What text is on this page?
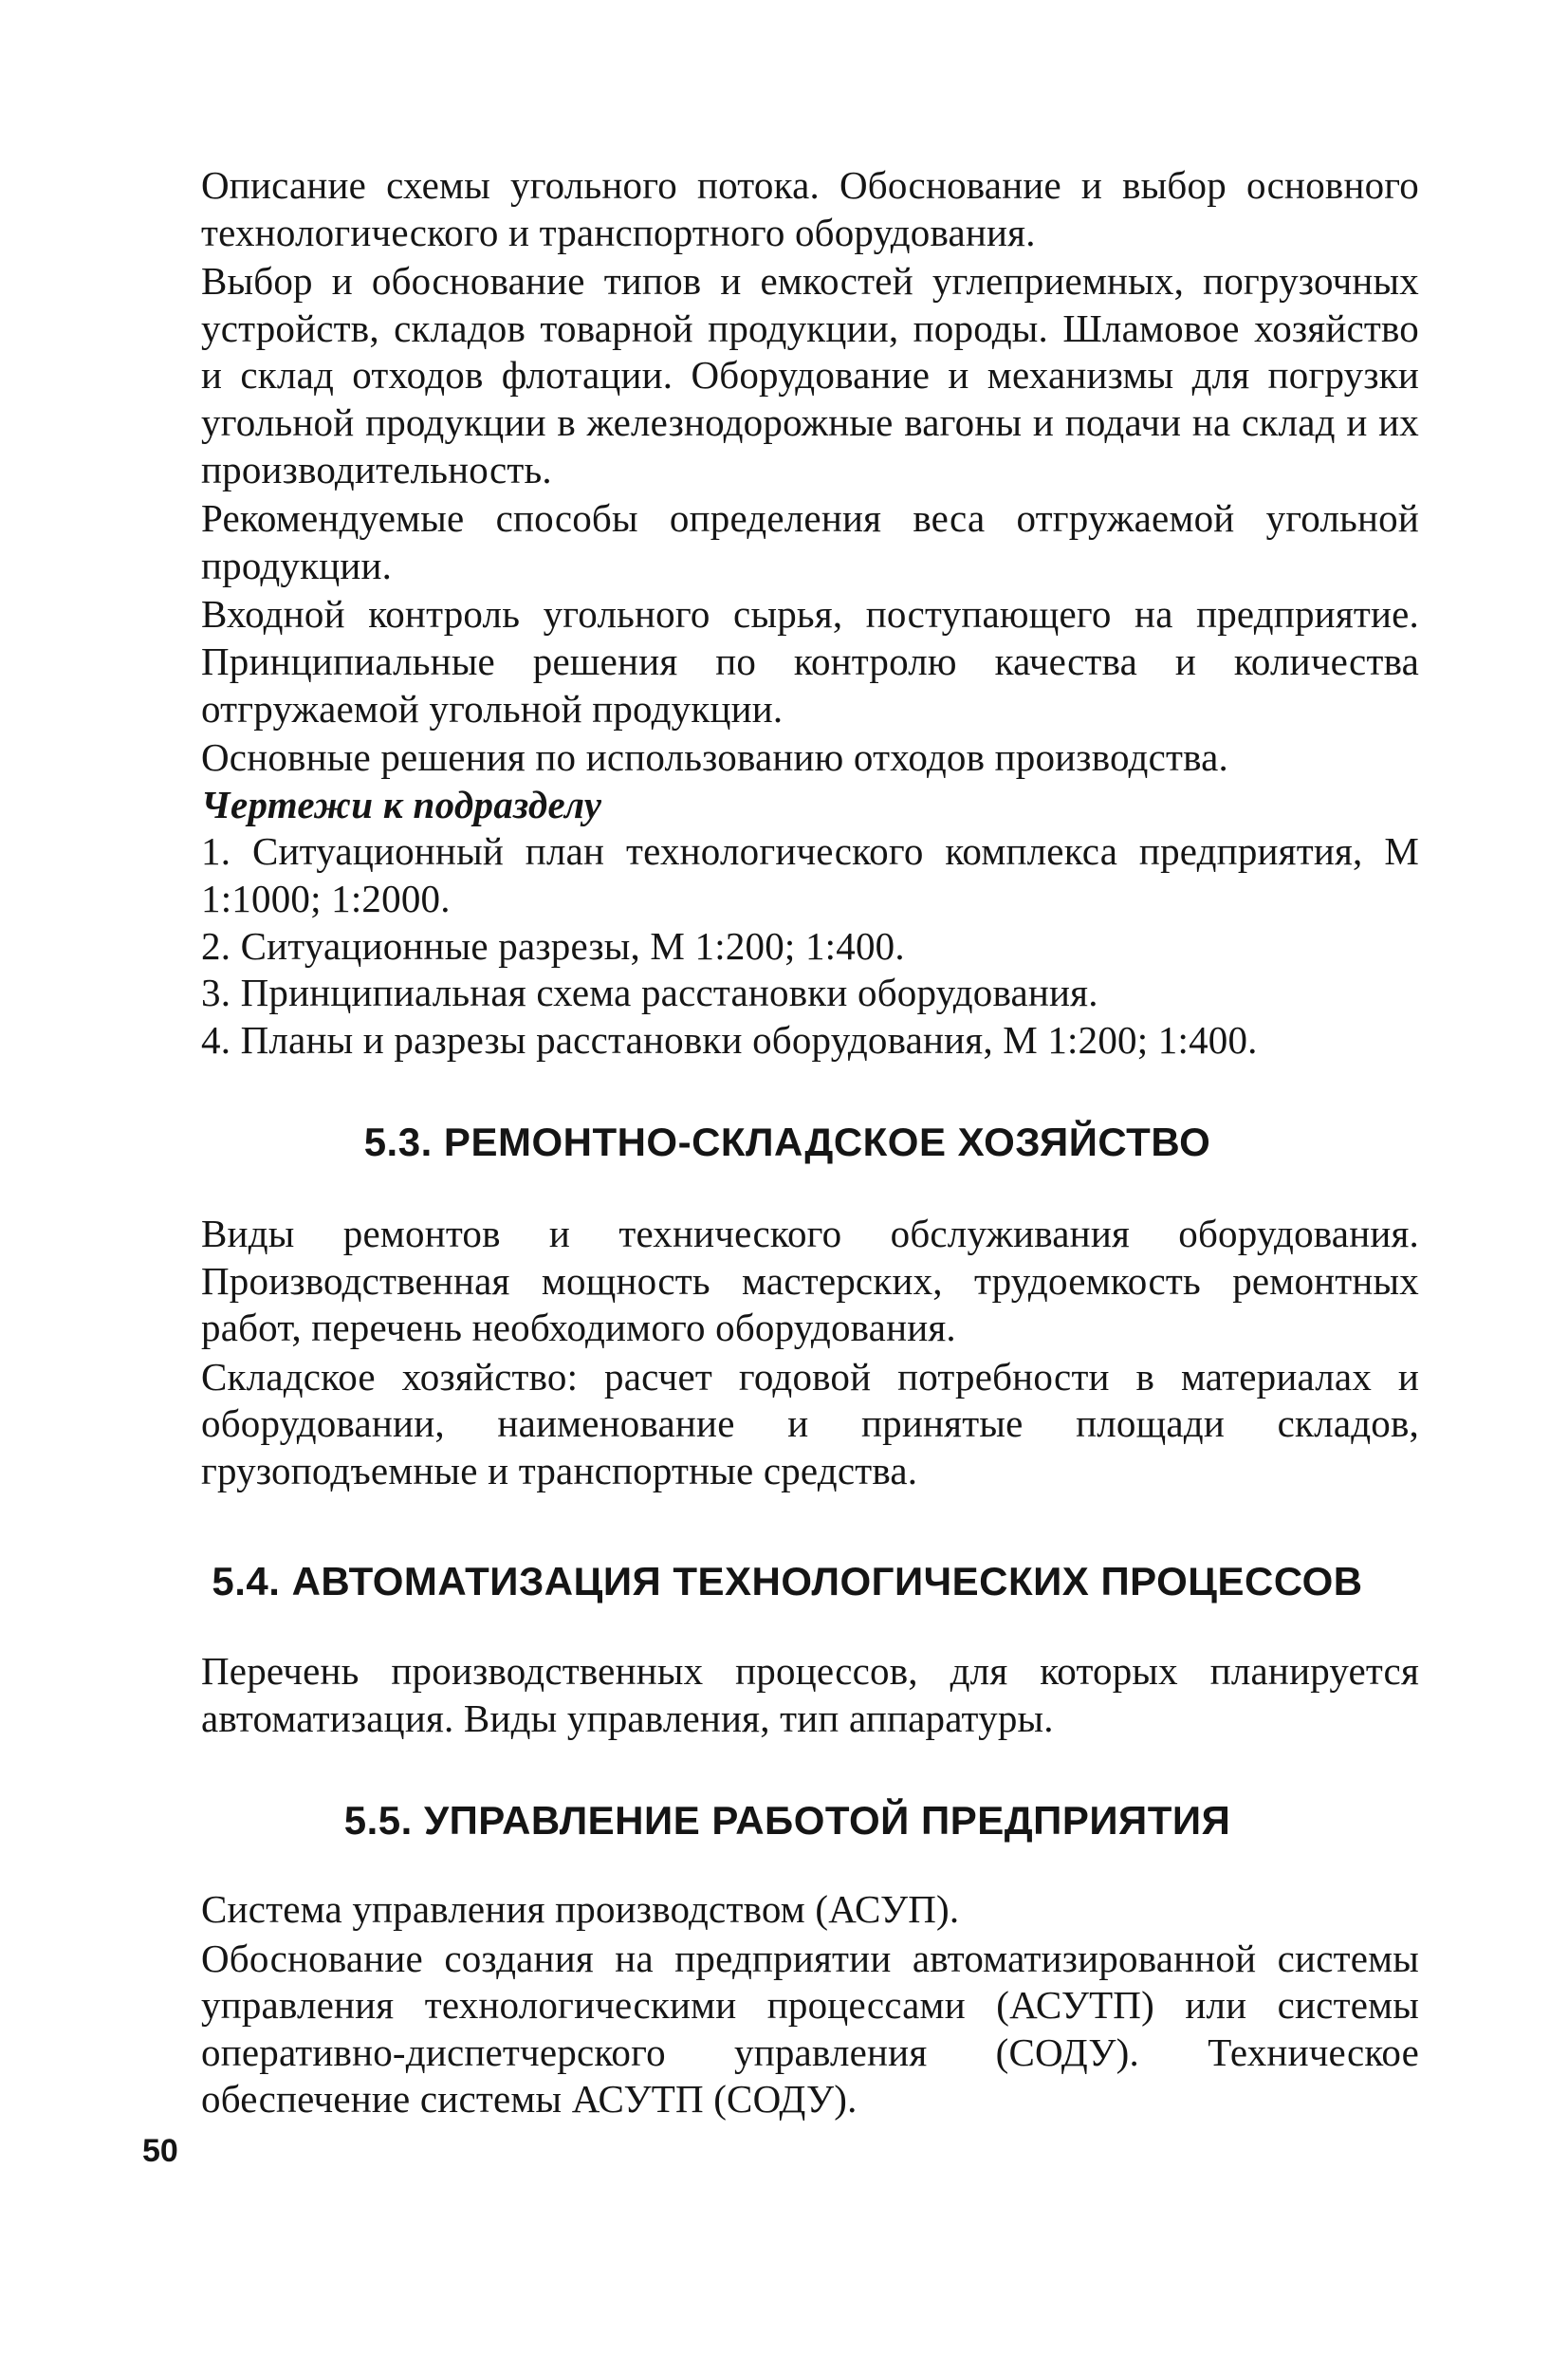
Описание схемы угольного потока. Обоснование и выбор основного технологического и транспортного оборудования.

Выбор и обоснование типов и емкостей углеприемных, погрузочных устройств, складов товарной продукции, породы. Шламовое хозяйство и склад отходов флотации. Оборудование и механизмы для погрузки угольной продукции в железнодорожные вагоны и подачи на склад и их производительность.

Рекомендуемые способы определения веса отгружаемой угольной продукции.

Входной контроль угольного сырья, поступающего на предприятие. Принципиальные решения по контролю качества и количества отгружаемой угольной продукции.

Основные решения по использованию отходов производства.

Чертежи к подразделу

1. Ситуационный план технологического комплекса предприятия, М 1:1000; 1:2000.

2. Ситуационные разрезы, М 1:200; 1:400.

3. Принципиальная схема расстановки оборудования.

4. Планы и разрезы расстановки оборудования, М 1:200; 1:400.

5.3. РЕМОНТНО-СКЛАДСКОЕ ХОЗЯЙСТВО

Виды ремонтов и технического обслуживания оборудования. Производственная мощность мастерских, трудоемкость ремонтных работ, перечень необходимого оборудования.

Складское хозяйство: расчет годовой потребности в материалах и оборудовании, наименование и принятые площади складов, грузоподъемные и транспортные средства.

5.4. АВТОМАТИЗАЦИЯ ТЕХНОЛОГИЧЕСКИХ ПРОЦЕССОВ

Перечень производственных процессов, для которых планируется автоматизация. Виды управления, тип аппаратуры.

5.5. УПРАВЛЕНИЕ РАБОТОЙ ПРЕДПРИЯТИЯ

Система управления производством (АСУП).

Обоснование создания на предприятии автоматизированной системы управления технологическими процессами (АСУТП) или системы оперативно-диспетчерского управления (СОДУ). Техническое обеспечение системы АСУТП (СОДУ).

50
